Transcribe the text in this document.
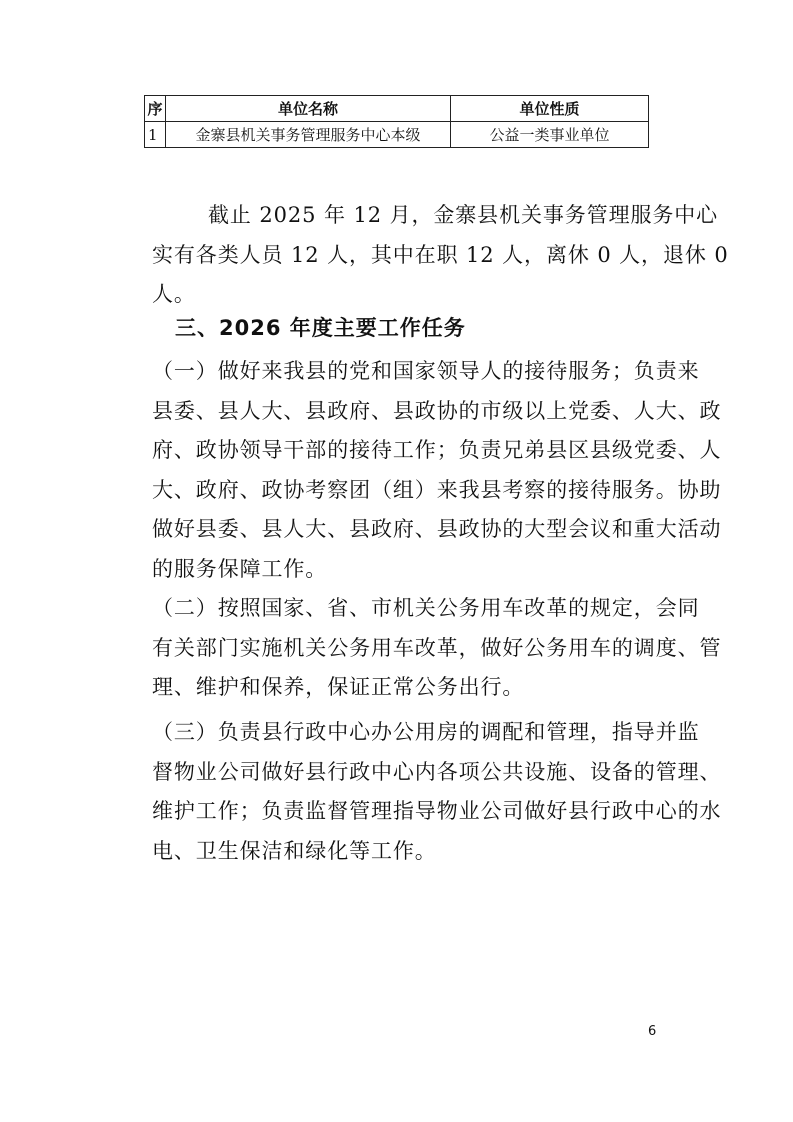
序	单位名称	单位性质
1	金寨县机关事务管理服务中心本级	公益一类事业单位

截止 2025 年 12 月，金寨县机关事务管理服务中心
实有各类人员 12 人，其中在职 12 人，离休 0 人，退休 0
人。

三、2026 年度主要工作任务

（一）做好来我县的党和国家领导人的接待服务；负责来
县委、县人大、县政府、县政协的市级以上党委、人大、政
府、政协领导干部的接待工作；负责兄弟县区县级党委、人
大、政府、政协考察团（组）来我县考察的接待服务。协助
做好县委、县人大、县政府、县政协的大型会议和重大活动
的服务保障工作。

（二）按照国家、省、市机关公务用车改革的规定，会同
有关部门实施机关公务用车改革，做好公务用车的调度、管
理、维护和保养，保证正常公务出行。

（三）负责县行政中心办公用房的调配和管理，指导并监
督物业公司做好县行政中心内各项公共设施、设备的管理、
维护工作；负责监督管理指导物业公司做好县行政中心的水
电、卫生保洁和绿化等工作。

6
